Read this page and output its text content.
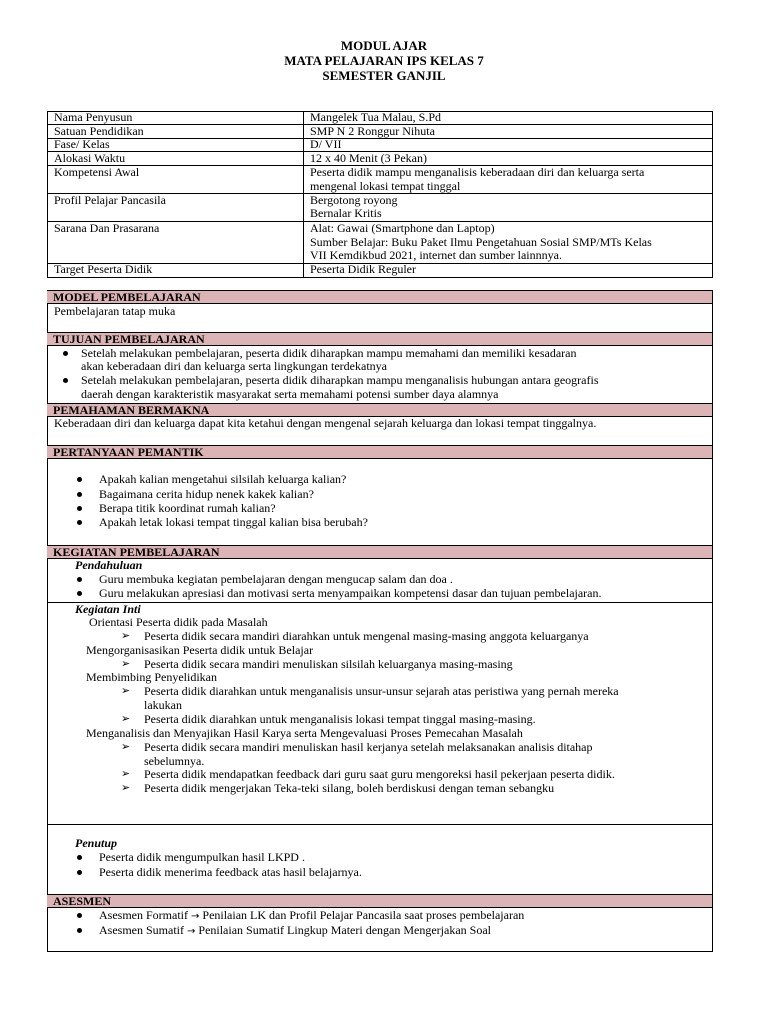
MODUL AJAR
MATA PELAJARAN IPS KELAS 7
SEMESTER GANJIL
Nama Penyusun	Mangelek Tua Malau, S.Pd
Satuan Pendidikan	SMP N 2 Ronggur Nihuta
Fase/ Kelas	D/ VII
Alokasi Waktu	12 x 40 Menit (3 Pekan)
Kompetensi Awal	Peserta didik mampu menganalisis keberadaan diri dan keluarga serta
mengenal lokasi tempat tinggal
Profil Pelajar Pancasila	Bergotong royong
Bernalar Kritis
Sarana Dan Prasarana	Alat: Gawai (Smartphone dan Laptop)
Sumber Belajar: Buku Paket Ilmu Pengetahuan Sosial SMP/MTs Kelas
VII Kemdikbud 2021, internet dan sumber lainnnya.
Target Peserta Didik	Peserta Didik Reguler
MODEL PEMBELAJARAN
Pembelajaran tatap muka
TUJUAN PEMBELAJARAN
Setelah melakukan pembelajaran, peserta didik diharapkan mampu memahami dan memiliki kesadaran
akan keberadaan diri dan keluarga serta lingkungan terdekatnya
Setelah melakukan pembelajaran, peserta didik diharapkan mampu menganalisis hubungan antara geografis
daerah dengan karakteristik masyarakat serta memahami potensi sumber daya alamnya
PEMAHAMAN BERMAKNA
Keberadaan diri dan keluarga dapat kita ketahui dengan mengenal sejarah keluarga dan lokasi tempat tinggalnya.
PERTANYAAN PEMANTIK
Apakah kalian mengetahui silsilah keluarga kalian?
Bagaimana cerita hidup nenek kakek kalian?
Berapa titik koordinat rumah kalian?
Apakah letak lokasi tempat tinggal kalian bisa berubah?
KEGIATAN PEMBELAJARAN
Pendahuluan
Guru membuka kegiatan pembelajaran dengan mengucap salam dan doa .
Guru melakukan apresiasi dan motivasi serta menyampaikan kompetensi dasar dan tujuan pembelajaran.
Kegiatan Inti
Orientasi Peserta didik pada Masalah
➢ Peserta didik secara mandiri diarahkan untuk mengenal masing-masing anggota keluarganya
Mengorganisasikan Peserta didik untuk Belajar
➢ Peserta didik secara mandiri menuliskan silsilah keluarganya masing-masing
Membimbing Penyelidikan
➢ Peserta didik diarahkan untuk menganalisis unsur-unsur sejarah atas peristiwa yang pernah mereka
lakukan
➢ Peserta didik diarahkan untuk menganalisis lokasi tempat tinggal masing-masing.
Menganalisis dan Menyajikan Hasil Karya serta Mengevaluasi Proses Pemecahan Masalah
➢ Peserta didik secara mandiri menuliskan hasil kerjanya setelah melaksanakan analisis ditahap
sebelumnya.
➢ Peserta didik mendapatkan feedback dari guru saat guru mengoreksi hasil pekerjaan peserta didik.
➢ Peserta didik mengerjakan Teka-teki silang, boleh berdiskusi dengan teman sebangku
Penutup
Peserta didik mengumpulkan hasil LKPD .
Peserta didik menerima feedback atas hasil belajarnya.
ASESMEN
Asesmen Formatif → Penilaian LK dan Profil Pelajar Pancasila saat proses pembelajaran
Asesmen Sumatif → Penilaian Sumatif Lingkup Materi dengan Mengerjakan Soal
